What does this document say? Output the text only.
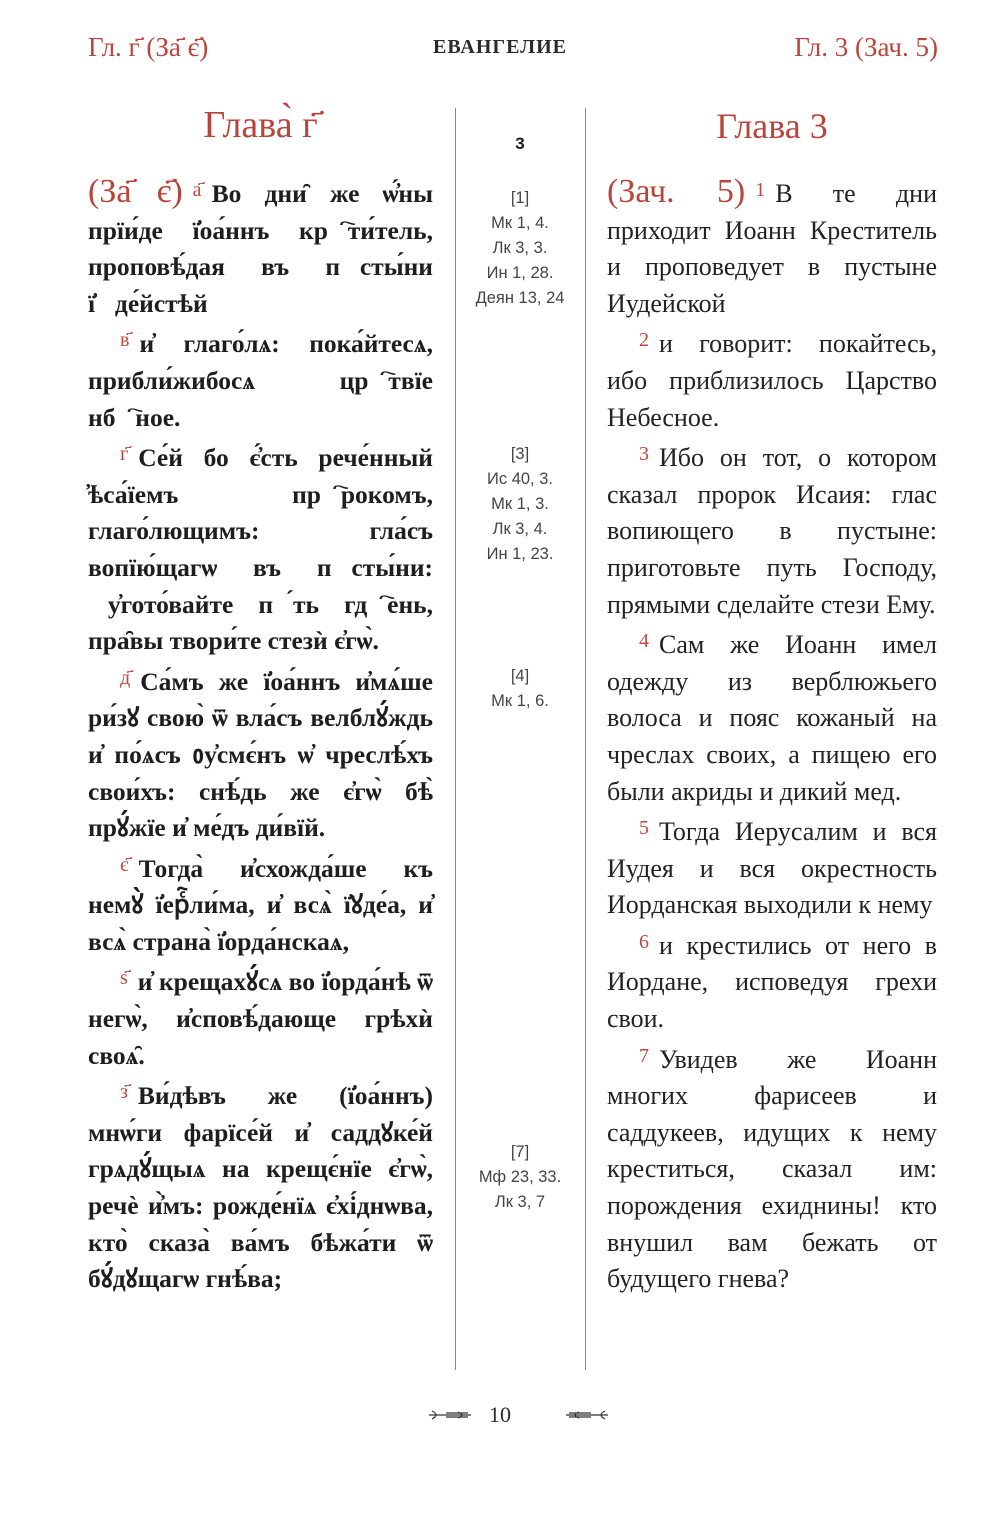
Гл. г҃ (За҃ є҃)	ЕВАНГЕЛИЕ	Гл. 3 (Зач. 5)
Глава̀ г҃

(За҃ є҃) $^{а҃}$ Во дни̑ же ѡ҆́ны прїи́де ї҆оа́ннъ крⷭ҇ти́тель, проповѣ́дая въ пꙋсты́ни ї҆ꙋде́йстѣй

$^{в҃}$ и҆ глаго́лѧ: пока́йтесѧ, прибли́жибосѧ црⷭ҇твїе нбⷭ҇ное.

$^{г҃}$ Се́й бо є҆́сть рече́нный ҆ѣса́їемъ прⷪ҇рокомъ, глаго́лющимъ: гла́съ вопїю́щагѡ въ пꙋсты́ни: ᲂу҆гото́вайте пꙋ́ть гдⷭ҇ень, пра̑вы твори́те стезѝ є҆гѡ̀.

$^{д҃}$ Са́мъ же ї҆оа́ннъ и҆мѧ́ше ри́зꙋ свою̀ ѿ вла́съ велблꙋ́ждь и҆ по́ѧсъ ᲂу҆смє́нъ ѡ҆ чреслѣ́хъ свои́хъ: снѣ́дь же є҆гѡ̀ бѣ̀ прꙋ́жїе и҆ ме́дъ ди́вїй.

$^{є҃}$ Тогда̀ и҆схожда́ше къ немꙋ̀ ї҆ерⷭ҇ли́ма, и҆ всѧ̀ ї҆ꙋде́а, и҆ всѧ̀ страна̀ ї҆орда́нскаѧ,

$^{ѕ҃}$ и҆ крещахꙋ́сѧ во ї҆орда́нѣ ѿ негѡ̀, и҆сповѣ́дающе грѣхѝ своѧ̑.

$^{з҃}$ Ви́дѣвъ же (ї҆оа́ннъ) мнѡ́ги фарїсе́й и҆ саддꙋке́й грѧдꙋ́щыѧ на крещє́нїе є҆гѡ̀, речѐ и҆̀мъ: рожде́нїѧ є҆хі́днѡва, кто̀ сказа̀ ва́мъ бѣжа́ти ѿ бꙋ́дꙋщагѡ гнѣ́ва;

3
[1]
Мк 1, 4.
Лк 3, 3.
Ин 1, 28.
Деян 13, 24
[3]
Ис 40, 3.
Мк 1, 3.
Лк 3, 4.
Ин 1, 23.
[4]
Мк 1, 6.
[7]
Мф 23, 33.
Лк 3, 7
Глава 3

(Зач. 5) $^1$ В те дни приходит Иоанн Креститель и проповедует в пустыне Иудейской

$^2$ и говорит: покайтесь, ибо приблизилось Царство Небесное.

$^3$ Ибо он тот, о котором сказал пророк Исаия: глас вопиющего в пустыне: приготовьте путь Господу, прямыми сделайте стези Ему.

$^4$ Сам же Иоанн имел одежду из верблюжьего волоса и пояс кожаный на чреслах своих, а пищею его были акриды и дикий мед.

$^5$ Тогда Иерусалим и вся Иудея и вся окрестность Иорданская выходили к нему

$^6$ и крестились от него в Иордане, исповедуя грехи свои.

$^7$ Увидев же Иоанн многих фарисеев и саддукеев, идущих к нему креститься, сказал им: порождения ехиднины! кто внушил вам бежать от будущего гнева?

10
